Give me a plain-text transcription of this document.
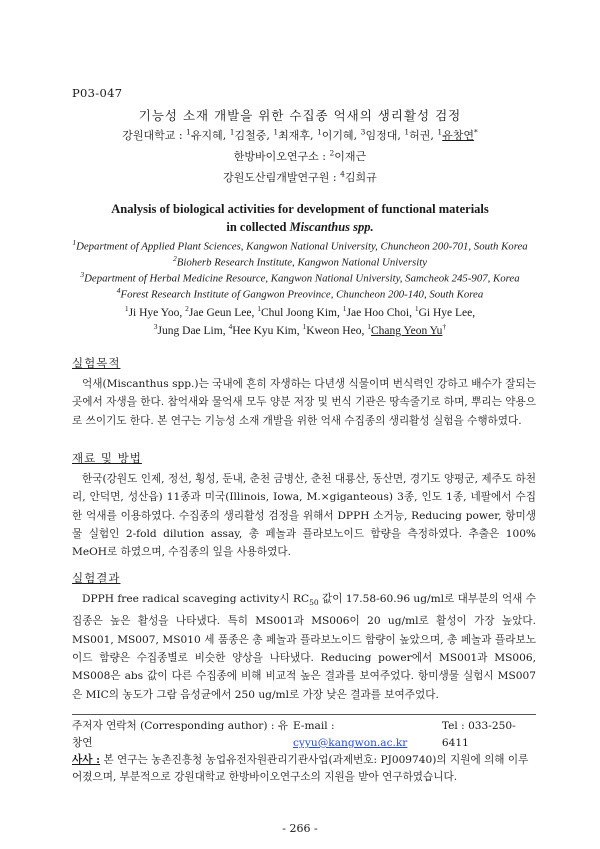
P03-047
기능성 소재 개발을 위한 수집종 억새의 생리활성 검정
강원대학교 : $^1$유지혜, $^1$김철중, $^1$최재후, $^1$이기혜, $^3$임정대, $^1$허권, $^1$유창연*
한방바이오연구소 : $^2$이재근
강원도산림개발연구원 : $^4$김희규
Analysis of biological activities for development of functional materials
in collected Miscanthus spp.
$^1$Department of Applied Plant Sciences, Kangwon National University, Chuncheon 200-701, South Korea
$^2$Bioherb Research Institute, Kangwon National University
$^3$Department of Herbal Medicine Resource, Kangwon National University, Samcheok 245-907, Korea
$^4$Forest Research Institute of Gangwon Preovince, Chuncheon 200-140, South Korea
$^1$Ji Hye Yoo, $^2$Jae Geun Lee, $^1$Chul Joong Kim, $^1$Jae Hoo Choi, $^1$Gi Hye Lee,
$^3$Jung Dae Lim, $^4$Hee Kyu Kim, $^1$Kweon Heo, $^1$Chang Yeon Yu†
실험목적

억새(Miscanthus spp.)는 국내에 흔히 자생하는 다년생 식물이며 번식력인 강하고 배수가 잘되는 곳에서 자생을 한다. 참억새와 물억새 모두 양분 저장 및 번식 기관은 땅속줄기로 하며, 뿌리는 약용으로 쓰이기도 한다. 본 연구는 기능성 소재 개발을 위한 억새 수집종의 생리활성 실험을 수행하였다.

재료 및 방법

한국(강원도 인제, 정선, 횡성, 둔내, 춘천 금병산, 춘천 대룡산, 동산면, 경기도 양평군, 제주도 하천리, 안덕면, 성산읍) 11종과 미국(Illinois, Iowa, M.×giganteous) 3종, 인도 1종, 네팔에서 수집한 억새를 이용하였다. 수집종의 생리활성 검정을 위해서 DPPH 소거능, Reducing power, 항미생물 실험인 2-fold dilution assay, 총 페놀과 플라보노이드 함량을 측정하였다. 추출은 100% MeOH로 하였으며, 수집종의 잎을 사용하였다.

실험결과

DPPH free radical scaveging activity시 $RC_{50}$ 값이 17.58-60.96 ug/ml로 대부분의 억새 수집종은 높은 활성을 나타냈다. 특히 MS001과 MS006이 20 ug/ml로 활성이 가장 높았다. MS001, MS007, MS010 세 품종은 총 페놀과 플라보노이드 함량이 높았으며, 총 페놀과 플라보노이드 함량은 수집종별로 비슷한 양상을 나타냈다. Reducing power에서 MS001과 MS006, MS008은 abs 값이 다른 수집종에 비해 비교적 높은 결과를 보여주었다. 항미생물 실험시 MS007은 MIC의 농도가 그람 음성균에서 250 ug/ml로 가장 낮은 결과를 보여주었다.

주저자 연락처 (Corresponding author) : 유창연
E-mail : cyyu@kangwon.ac.kr
Tel : 033-250-6411
사사 : 본 연구는 농촌진흥청 농업유전자원관리기관사업(과제번호: PJ009740)의 지원에 의해 이루어졌으며, 부분적으로 강원대학교 한방바이오연구소의 지원을 받아 연구하였습니다.
- 266 -
